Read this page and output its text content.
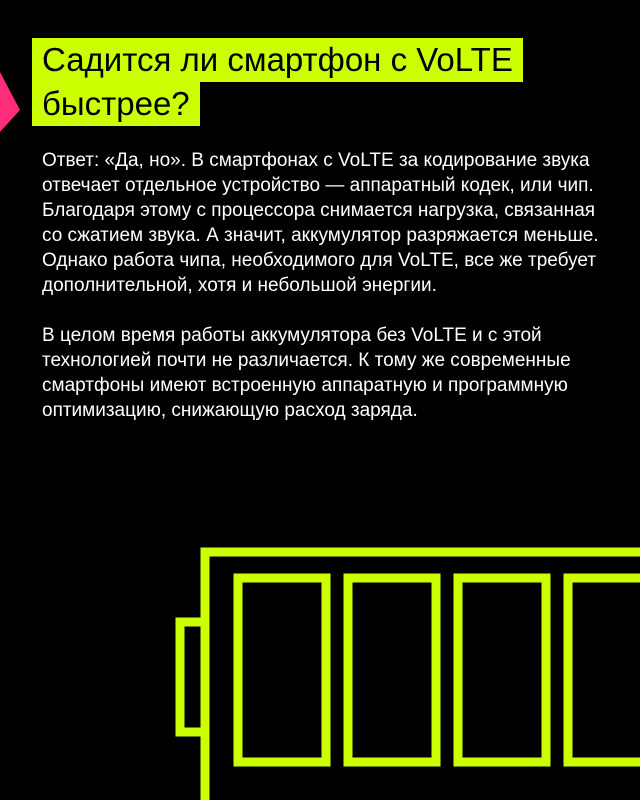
Садится ли смартфон с VoLTE
быстрее?

Ответ: «Да, но». В смартфонах с VoLTE за кодирование звука отвечает отдельное устройство — аппаратный кодек, или чип. Благодаря этому с процессора снимается нагрузка, связанная со сжатием звука. А значит, аккумулятор разряжается меньше. Однако работа чипа, необходимого для VoLTE, все же требует дополнительной, хотя и небольшой энергии.

В целом время работы аккумулятора без VoLTE и с этой технологией почти не различается. К тому же современные смартфоны имеют встроенную аппаратную и программную оптимизацию, снижающую расход заряда.
